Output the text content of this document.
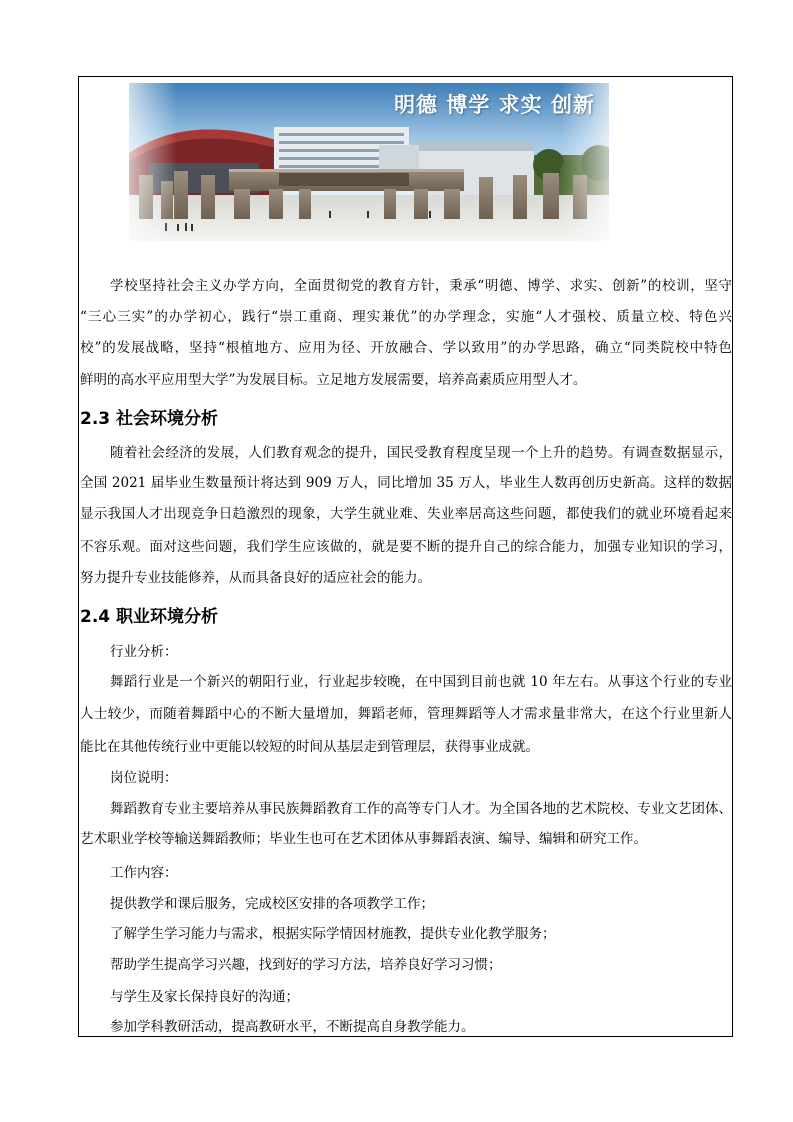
明德 博学 求实 创新
学校坚持社会主义办学方向，全面贯彻党的教育方针，秉承“明德、博学、求实、创新”的校训，坚守
“三心三实”的办学初心，践行“崇工重商、理实兼优”的办学理念，实施“人才强校、质量立校、特色兴
校”的发展战略，坚持“根植地方、应用为径、开放融合、学以致用”的办学思路，确立“同类院校中特色
鲜明的高水平应用型大学”为发展目标。立足地方发展需要，培养高素质应用型人才。
2.3 社会环境分析
随着社会经济的发展，人们教育观念的提升，国民受教育程度呈现一个上升的趋势。有调查数据显示，
全国 2021 届毕业生数量预计将达到 909 万人，同比增加 35 万人，毕业生人数再创历史新高。这样的数据
显示我国人才出现竞争日趋激烈的现象，大学生就业难、失业率居高这些问题，都使我们的就业环境看起来
不容乐观。面对这些问题，我们学生应该做的，就是要不断的提升自己的综合能力，加强专业知识的学习，
努力提升专业技能修养，从而具备良好的适应社会的能力。
2.4 职业环境分析
行业分析：
舞蹈行业是一个新兴的朝阳行业，行业起步较晚，在中国到目前也就 10 年左右。从事这个行业的专业
人士较少，而随着舞蹈中心的不断大量增加，舞蹈老师，管理舞蹈等人才需求量非常大，在这个行业里新人
能比在其他传统行业中更能以较短的时间从基层走到管理层，获得事业成就。
岗位说明：
舞蹈教育专业主要培养从事民族舞蹈教育工作的高等专门人才。为全国各地的艺术院校、专业文艺团体、
艺术职业学校等输送舞蹈教师；毕业生也可在艺术团体从事舞蹈表演、编导、编辑和研究工作。
工作内容：
提供教学和课后服务，完成校区安排的各项教学工作；
了解学生学习能力与需求，根据实际学情因材施教，提供专业化教学服务；
帮助学生提高学习兴趣，找到好的学习方法，培养良好学习习惯；
与学生及家长保持良好的沟通；
参加学科教研活动，提高教研水平，不断提高自身教学能力。
